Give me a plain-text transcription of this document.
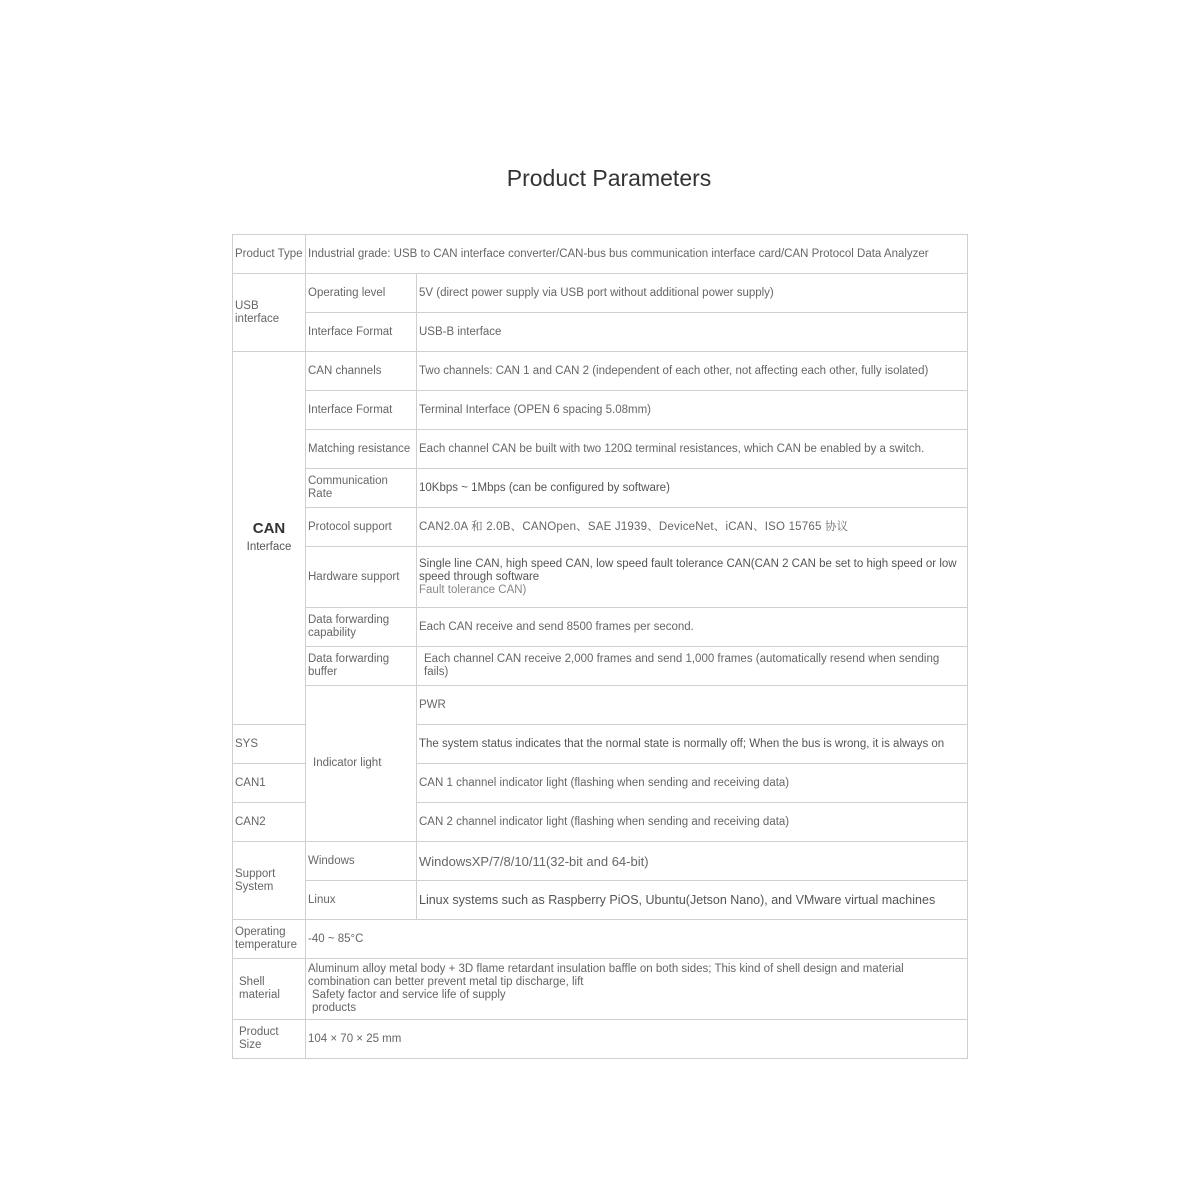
Product Parameters
Product Type	Industrial grade: USB to CAN interface converter/CAN-bus bus communication interface card/CAN Protocol Data Analyzer		
USB interface	Operating level	5V (direct power supply via USB port without additional power supply)	
	Interface Format	USB-B interface	

CAN
Interface	CAN channels	Two channels: CAN 1 and CAN 2 (independent of each other, not affecting each other, fully isolated)	
	Interface Format	Terminal Interface (OPEN 6 spacing 5.08mm)	
	Matching resistance	Each channel CAN be built with two 120Ω terminal resistances, which CAN be enabled by a switch.	
	Communication Rate	10Kbps ~ 1Mbps (can be configured by software)	
	Protocol support	CAN2.0A 和 2.0B、CANOpen、SAE J1939、DeviceNet、iCAN、ISO 15765 协议	
	Hardware support	Single line CAN, high speed CAN, low speed fault tolerance CAN(CAN 2 CAN be set to high speed or low speed through software
Fault tolerance CAN)	

	Data forwarding capability	Each CAN receive and send 8500 frames per second.	
	Data forwarding buffer	Each channel CAN receive 2,000 frames and send 1,000 frames (automatically resend when sending fails)	
	Indicator light	PWR	
SYS		The system status indicates that the normal state is normally off; When the bus is wrong, it is always on	
CAN1		CAN 1 channel indicator light (flashing when sending and receiving data)	
CAN2		CAN 2 channel indicator light (flashing when sending and receiving data)	
Support System	Windows	WindowsXP/7/8/10/11(32-bit and 64-bit)	
	Linux	Linux systems such as Raspberry PiOS, Ubuntu(Jetson Nano), and VMware virtual machines	
Operating temperature	-40 ~ 85°C		
Shell material	Aluminum alloy metal body + 3D flame retardant insulation baffle on both sides; This kind of shell design and material combination can better prevent metal tip discharge, lift
Safety factor and service life of supply products		

Product Size	104 × 70 × 25 mm		
